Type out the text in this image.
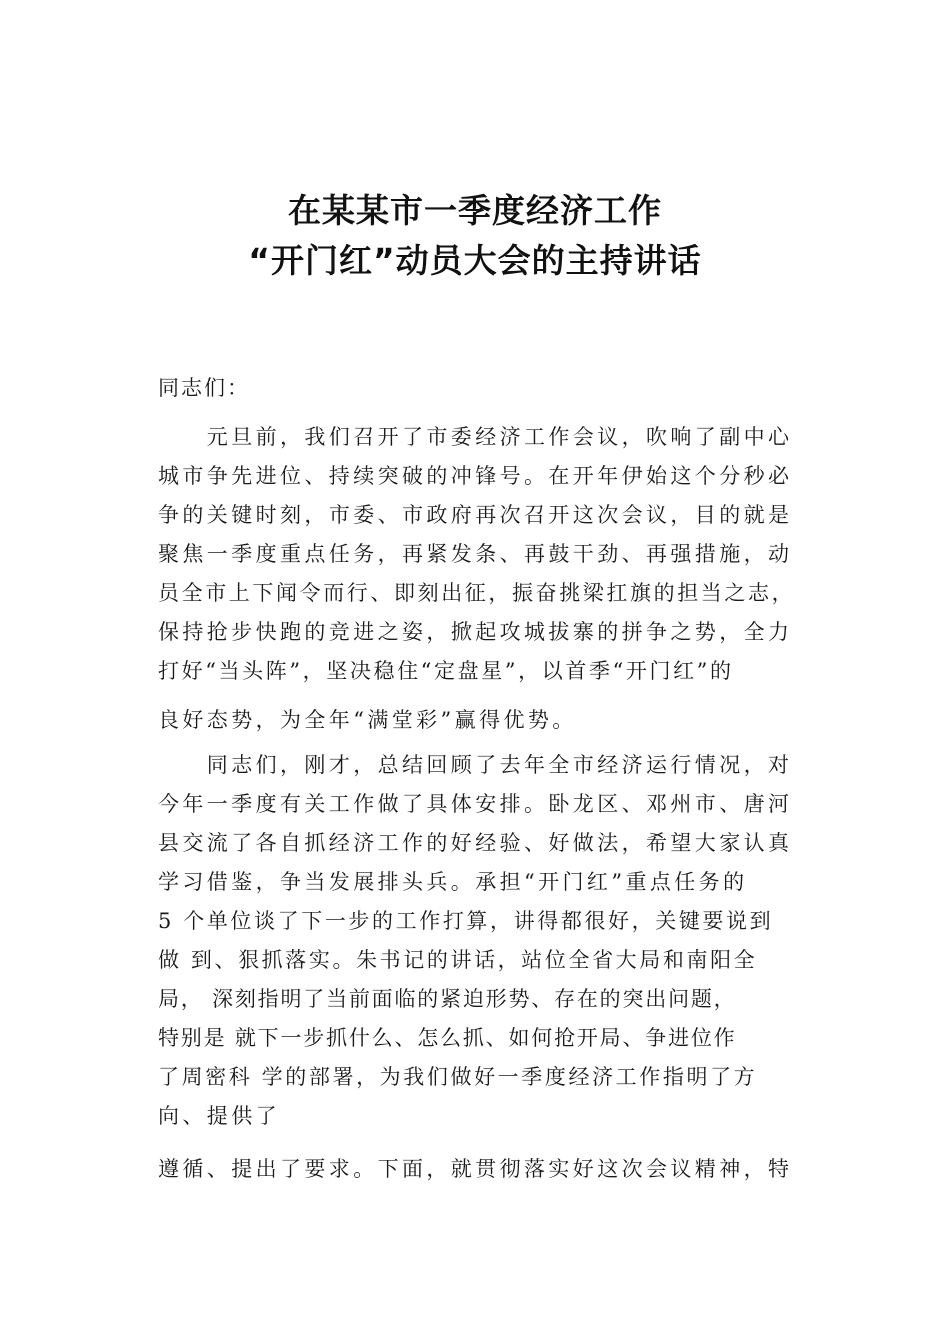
在某某市一季度经济工作
“开门红”动员大会的主持讲话
同志们：
　　元旦前，我们召开了市委经济工作会议，吹响了副中心
城市争先进位、持续突破的冲锋号。在开年伊始这个分秒必
争的关键时刻，市委、市政府再次召开这次会议，目的就是
聚焦一季度重点任务，再紧发条、再鼓干劲、再强措施，动
员全市上下闻令而行、即刻出征，振奋挑梁扛旗的担当之志，
保持抢步快跑的竞进之姿，掀起攻城拔寨的拼争之势，全力
打好“当头阵”，坚决稳住“定盘星”，以首季“开门红”的
良好态势，为全年“满堂彩”赢得优势。
　　同志们，刚才，总结回顾了去年全市经济运行情况，对
今年一季度有关工作做了具体安排。卧龙区、邓州市、唐河
县交流了各自抓经济工作的好经验、好做法，希望大家认真
学习借鉴，争当发展排头兵。承担“开门红”重点任务的
5 个单位谈了下一步的工作打算，讲得都很好，关键要说到
做 到、狠抓落实。朱书记的讲话，站位全省大局和南阳全
局， 深刻指明了当前面临的紧迫形势、存在的突出问题，
特别是 就下一步抓什么、怎么抓、如何抢开局、争进位作
了周密科 学的部署，为我们做好一季度经济工作指明了方
向、提供了
遵循、提出了要求。下面，就贯彻落实好这次会议精神，特
